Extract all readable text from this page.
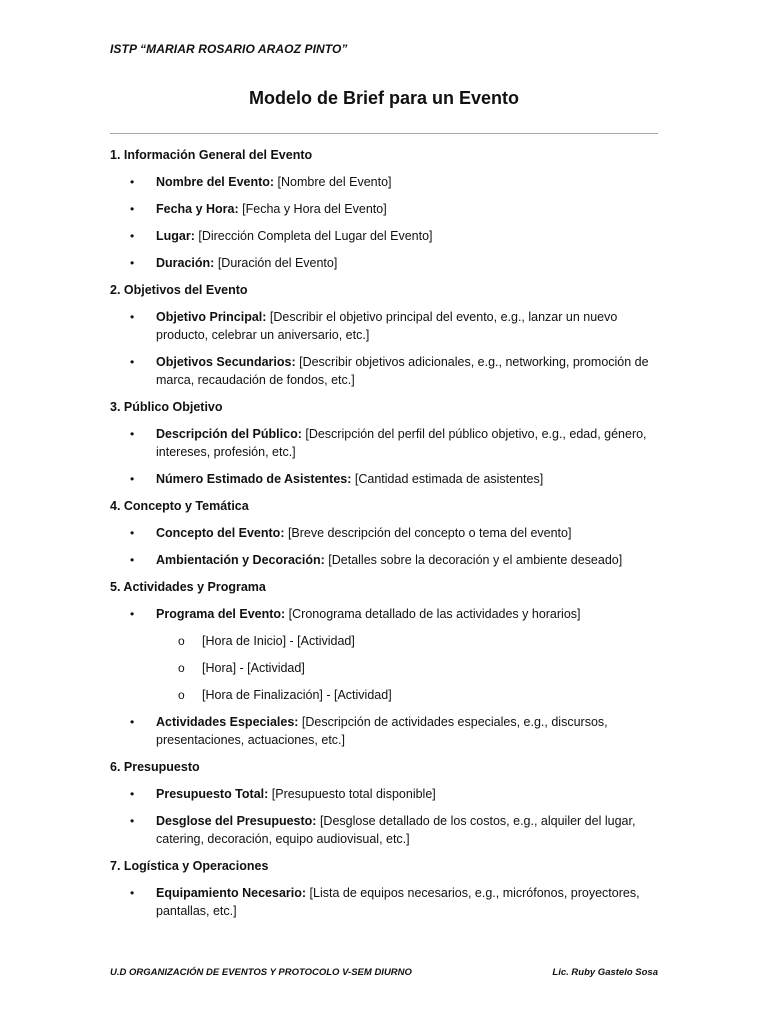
ISTP “MARIAR ROSARIO ARAOZ PINTO”
Modelo de Brief para un Evento
1. Información General del Evento
• Nombre del Evento: [Nombre del Evento]
• Fecha y Hora: [Fecha y Hora del Evento]
• Lugar: [Dirección Completa del Lugar del Evento]
• Duración: [Duración del Evento]
2. Objetivos del Evento
• Objetivo Principal: [Describir el objetivo principal del evento, e.g., lanzar un nuevo producto, celebrar un aniversario, etc.]
• Objetivos Secundarios: [Describir objetivos adicionales, e.g., networking, promoción de marca, recaudación de fondos, etc.]
3. Público Objetivo
• Descripción del Público: [Descripción del perfil del público objetivo, e.g., edad, género, intereses, profesión, etc.]
• Número Estimado de Asistentes: [Cantidad estimada de asistentes]
4. Concepto y Temática
• Concepto del Evento: [Breve descripción del concepto o tema del evento]
• Ambientación y Decoración: [Detalles sobre la decoración y el ambiente deseado]
5. Actividades y Programa
• Programa del Evento: [Cronograma detallado de las actividades y horarios]
o [Hora de Inicio] - [Actividad]
o [Hora] - [Actividad]
o [Hora de Finalización] - [Actividad]
• Actividades Especiales: [Descripción de actividades especiales, e.g., discursos, presentaciones, actuaciones, etc.]
6. Presupuesto
• Presupuesto Total: [Presupuesto total disponible]
• Desglose del Presupuesto: [Desglose detallado de los costos, e.g., alquiler del lugar, catering, decoración, equipo audiovisual, etc.]
7. Logística y Operaciones
• Equipamiento Necesario: [Lista de equipos necesarios, e.g., micrófonos, proyectores, pantallas, etc.]
U.D ORGANIZACIÓN DE EVENTOS Y PROTOCOLO V-SEM DIURNO	Lic. Ruby Gastelo Sosa
